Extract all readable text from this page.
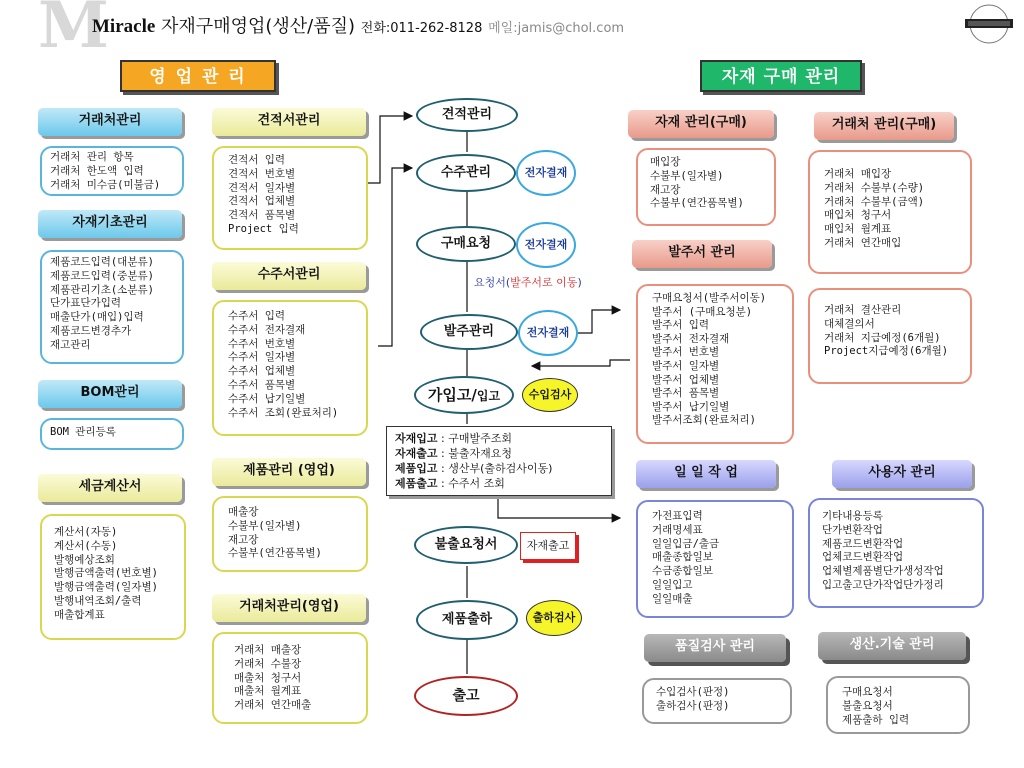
M
Miracle 자재구매영업(생산/품질) 전화:011-262-8128 메일:jamis@chol.com
영 업 관 리	자재 구매 관리
거래처관리
거래처 관리 항목
거래처 한도액 입력
거래처 미수금(미불금)
자재기초관리
제품코드입력(대분류)
제품코드입력(중분류)
제품관리기초(소분류)
단가표단가입력
매출단가(매입)입력
제품코드변경추가
재고관리
BOM관리
BOM 관리등록
세금계산서
계산서(자동)
계산서(수동)
발행예상조회
발행금액출력(번호별)
발행금액출력(일자별)
발행내역조회/출력
매출합계표
견적서관리
견적서 입력
견적서 번호별
견적서 일자별
견적서 업체별
견적서 품목별
Project 입력
수주서관리
수주서 입력
수주서 전자결재
수주서 번호별
수주서 일자별
수주서 업체별
수주서 품목별
수주서 납기일별
수주서 조회(완료처리)
제품관리 (영업)
매출장
수불부(일자별)
재고장
수불부(연간품목별)
거래처관리(영업)
거래처 매출장
거래처 수불장
매출처 청구서
매출처 월계표
거래처 연간매출
견적관리
수주관리	전자결재
구매요청	전자결재
요청서(발주서로 이동)
발주관리	전자결재
가입고/입고	수입검사
자재입고 : 구매발주조회
자재출고 : 불출자재요청
제품입고 : 생산부(출하검사이동)
제품출고 : 수주서 조회
불출요청서	자재출고
제품출하	출하검사
출고
자재 관리(구매)
매입장
수불부(일자별)
재고장
수불부(연간품목별)
거래처 관리(구매)
거래처 매입장
거래처 수불부(수량)
거래처 수불부(금액)
매입처 청구서
매입처 월계표
거래처 연간매입
발주서 관리
구매요청서(발주서이동)
발주서 (구매요청분)
발주서 입력
발주서 전자결재
발주서 번호별
발주서 일자별
발주서 업체별
발주서 품목별
발주서 납기일별
발주서조회(완료처리)
거래처 결산관리
대체결의서
거래처 지급예정(6개월)
Project지급예정(6개월)
일 일 작 업
가전표입력
거래명세표
일일입금/출금
매출종합일보
수금종합일보
일일입고
일일매출
사용자 관리
기타내용등록
단가변환작업
제품코드변환작업
업체코드변환작업
업체별제품별단가생성작업
입고출고단가작업단가정리
품질검사 관리
수입검사(판정)
출하검사(판정)
생산.기술 관리
구매요청서
불출요청서
제품출하 입력
